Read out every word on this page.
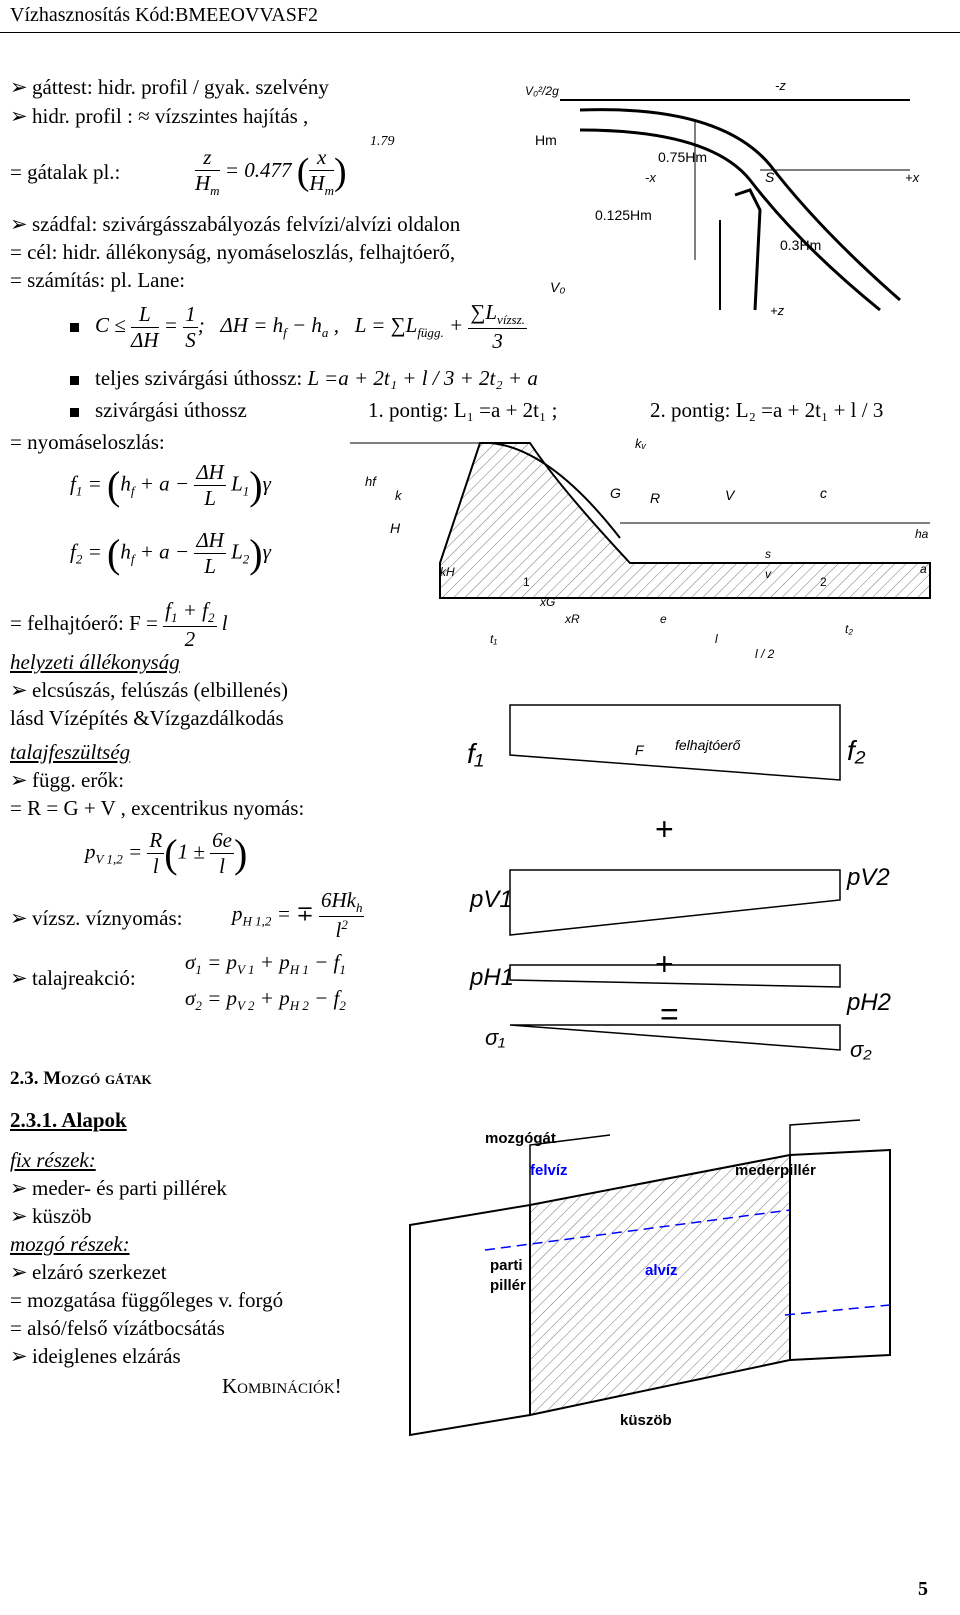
Vízhasznosítás Kód:BMEEOVVASF2
➢ gáttest: hidr. profil / gyak. szelvény
➢ hidr. profil : ≈ vízszintes hajítás ,
1.79
= gátalak pl.:	$\frac{z}{H_m} = 0.477$ ( $\frac{x}{H_m}$ )
➢ szádfal: szivárgásszabályozás felvízi/alvízi oldalon
= cél: hidr. állékonyság, nyomáseloszlás, felhajtóerő,
= számítás: pl. Lane:
$C \le \frac{L}{\Delta H} = \frac{1}{S}$ ;   $\Delta H = h_f - h_a$ ,   $L = \sum L_{függ.} + \frac{\sum L_{vízsz.}}{3}$
teljes szivárgási úthossz: L =a + 2t₁ + l / 3 + 2t₂ + a
szivárgási úthossz	1. pontig: L₁ =a + 2t₁ ;	2. pontig: L₂ =a + 2t₁ + l / 3
= nyomáseloszlás:
$f_1 = (h_f + a - \frac{\Delta H}{L} L_1)\gamma$
$f_2 = (h_f + a - \frac{\Delta H}{L} L_2)\gamma$
= felhajtóerő: $F = \frac{f_1 + f_2}{2}$ l
helyzeti állékonyság
➢ elcsúszás, felúszás (elbillenés)
lásd Vízépítés &Vízgazdálkodás
talajfeszültség
➢ függ. erők:
= R = G + V , excentrikus nyomás:
$p_{V 1,2} = \frac{R}{l} (1 \pm \frac{6e}{l}$ )
➢ vízsz. víznyomás: $p_{H 1,2}$ = ∓ $\frac{6Hk_h}{l^2}$
➢ talajreakció:
$\sigma_1 = p_{V 1} + p_{H 1} - f_1$
$\sigma_2 = p_{V 2} + p_{H 2} - f_2$
2.3. Mozgó gátak
2.3.1. Alapok
fix részek:
➢ meder- és parti pillérek
➢ küszöb
mozgó részek:
➢ elzáró szerkezet
= mozgatása függőleges v. forgó
= alsó/felső vízátbocsátás
➢ ideiglenes elzárás
Kombinációk!
Hm
0.75Hm
0.125Hm
0.3Hm
-z
-x	+x
+z
S
V₀
V₀²/2g
kᵥ
hf
k	G R	V	c
H
kH
s
v
ha
a
1	2
xG
xR	e
t₁
t₂
l
l / 2
f₁	f₂
F felhajtóerő
+
pV1
pV2
+
pH1
pH2
=
σ₁	σ₂
mozgógát
felvíz	mederpillér
parti
pillér
alvíz
küszöb
5
